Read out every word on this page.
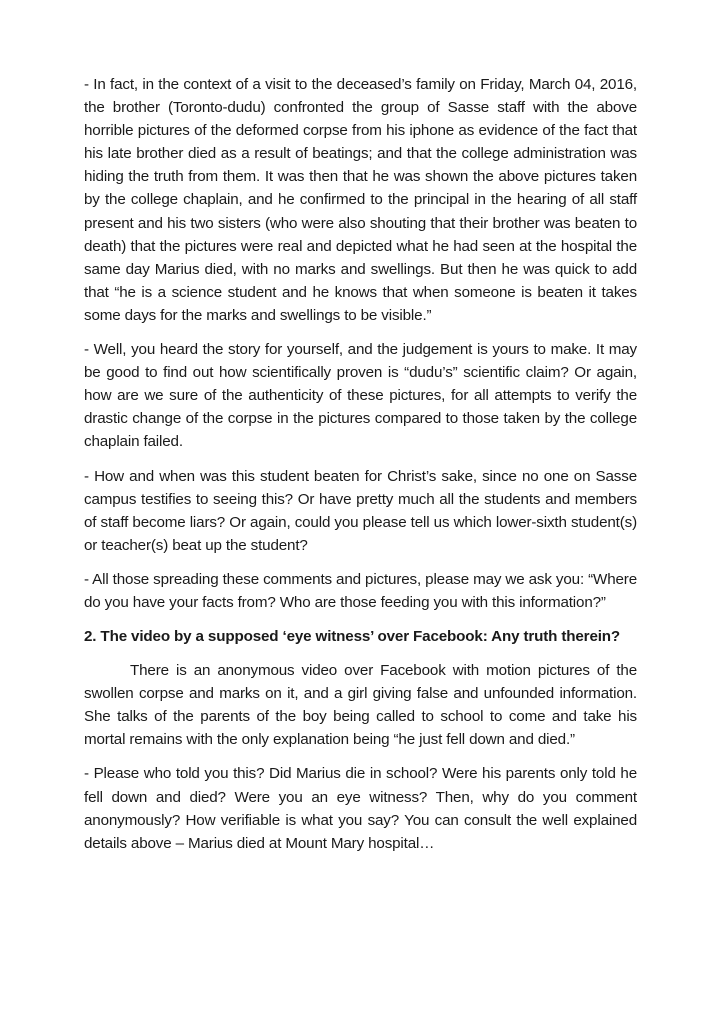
- In fact, in the context of a visit to the deceased’s family on Friday, March 04, 2016, the brother (Toronto-dudu) confronted the group of Sasse staff with the above horrible pictures of the deformed corpse from his iphone as evidence of the fact that his late brother died as a result of beatings; and that the college administration was hiding the truth from them. It was then that he was shown the above pictures taken by the college chaplain, and he confirmed to the principal in the hearing of all staff present and his two sisters (who were also shouting that their brother was beaten to death) that the pictures were real and depicted what he had seen at the hospital the same day Marius died, with no marks and swellings. But then he was quick to add that “he is a science student and he knows that when someone is beaten it takes some days for the marks and swellings to be visible.”

- Well, you heard the story for yourself, and the judgement is yours to make. It may be good to find out how scientifically proven is “dudu’s” scientific claim? Or again, how are we sure of the authenticity of these pictures, for all attempts to verify the drastic change of the corpse in the pictures compared to those taken by the college chaplain failed.

- How and when was this student beaten for Christ’s sake, since no one on Sasse campus testifies to seeing this? Or have pretty much all the students and members of staff become liars? Or again, could you please tell us which lower-sixth student(s) or teacher(s) beat up the student?

- All those spreading these comments and pictures, please may we ask you: “Where do you have your facts from? Who are those feeding you with this information?”

2. The video by a supposed ‘eye witness’ over Facebook: Any truth therein?

There is an anonymous video over Facebook with motion pictures of the swollen corpse and marks on it, and a girl giving false and unfounded information. She talks of the parents of the boy being called to school to come and take his mortal remains with the only explanation being “he just fell down and died.”

- Please who told you this? Did Marius die in school? Were his parents only told he fell down and died? Were you an eye witness? Then, why do you comment anonymously? How verifiable is what you say? You can consult the well explained details above – Marius died at Mount Mary hospital…
